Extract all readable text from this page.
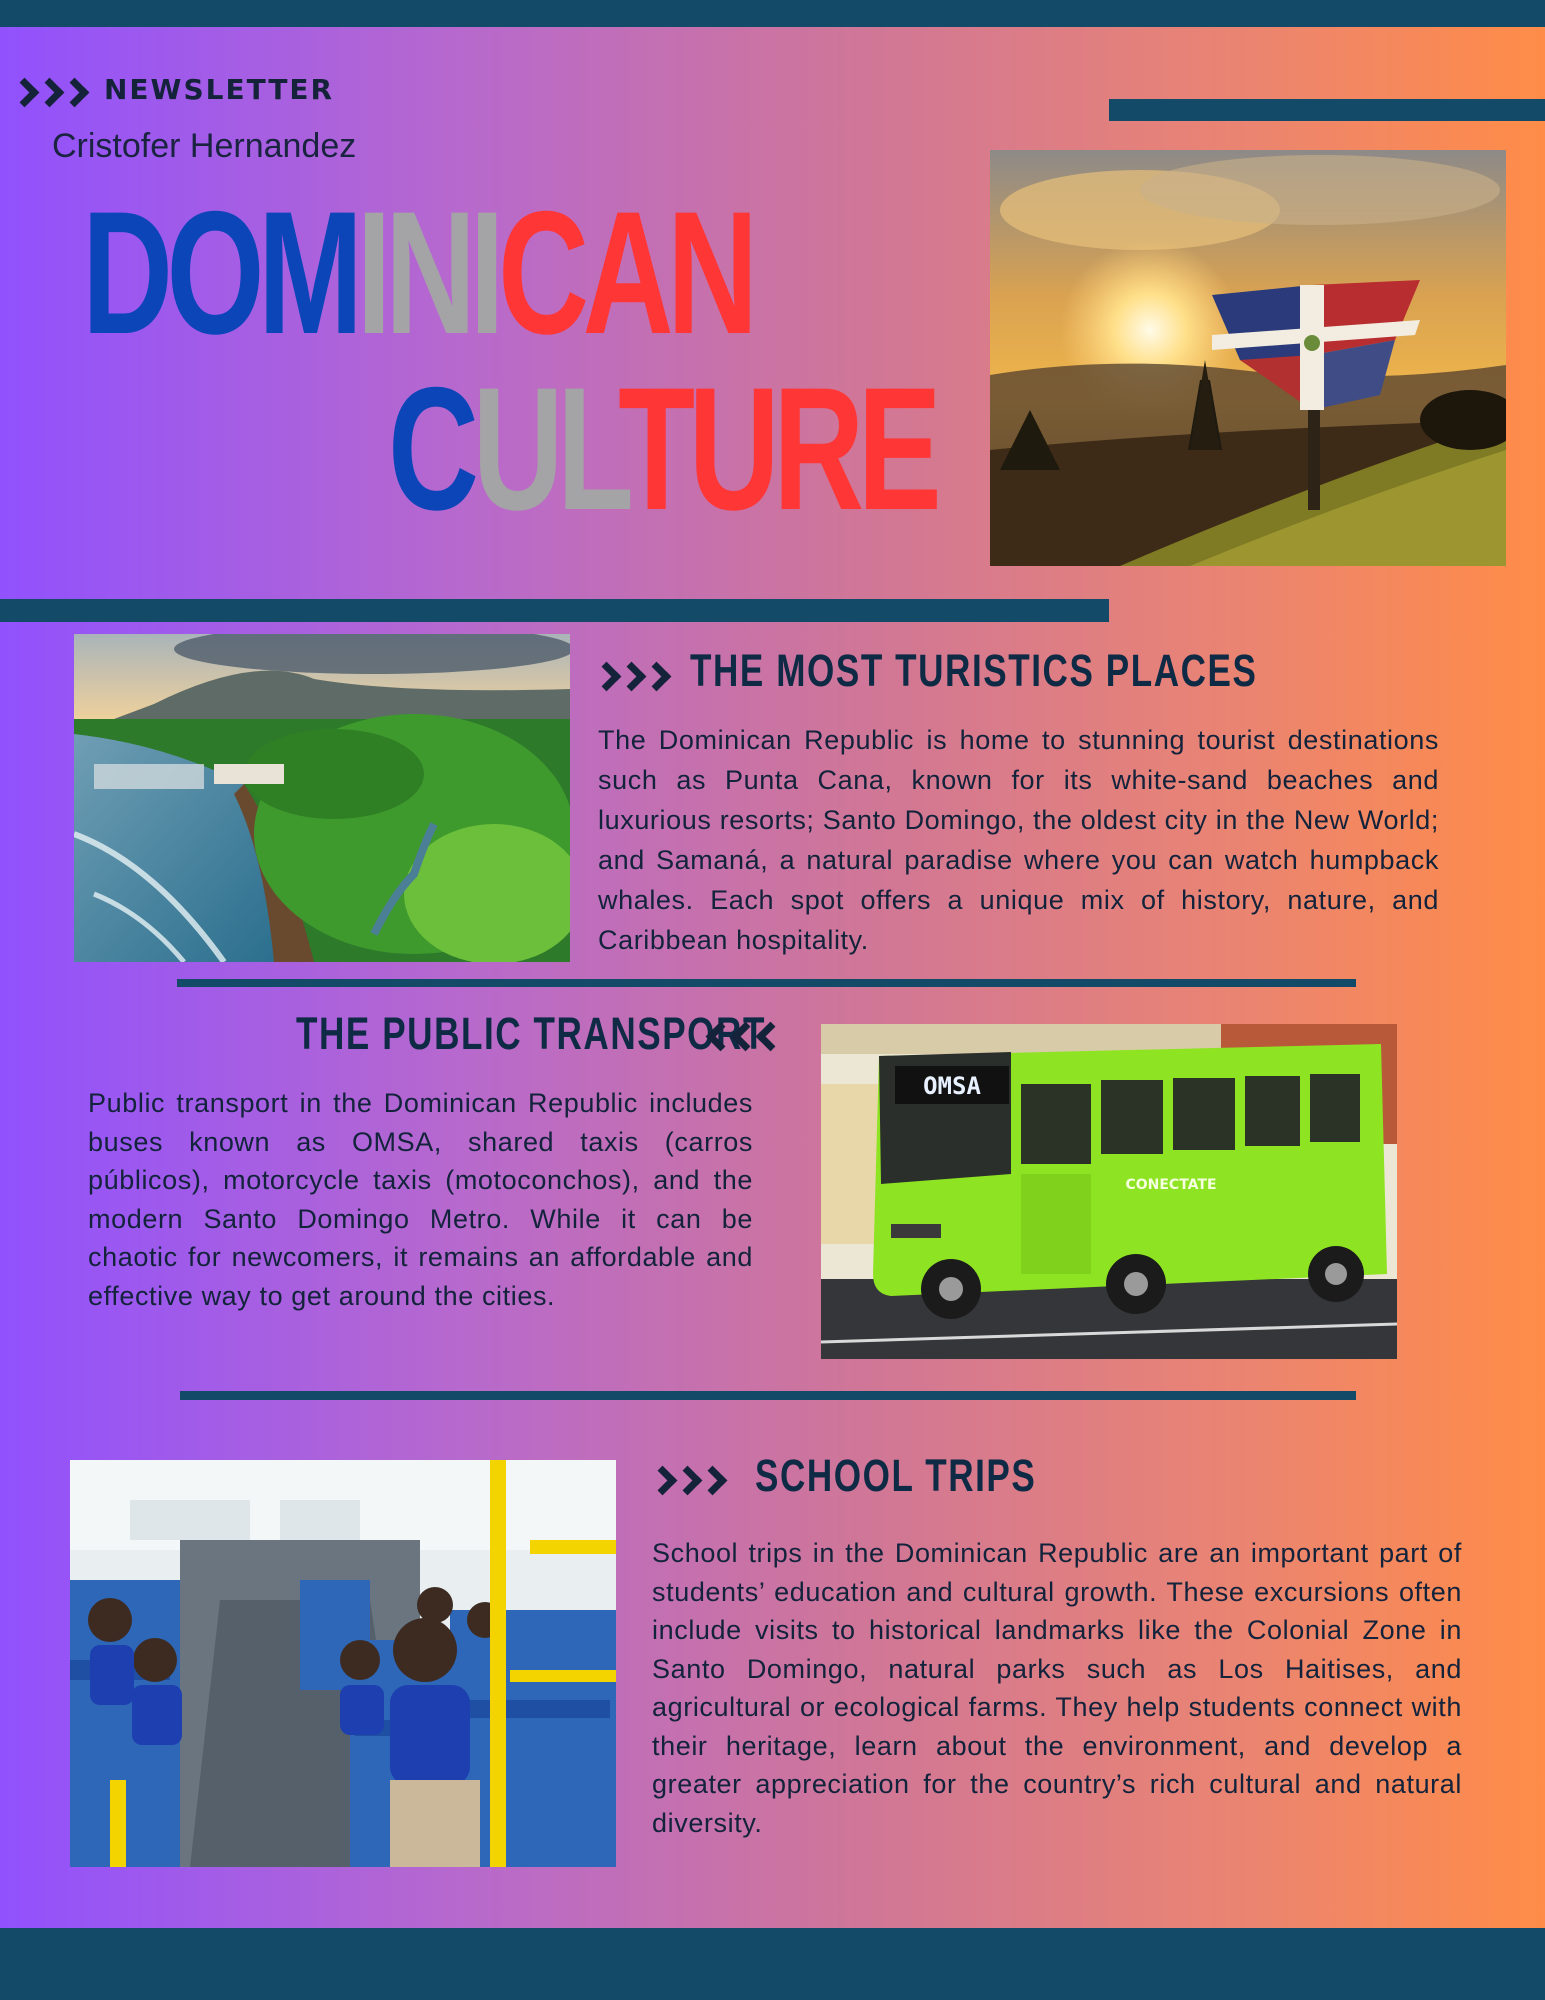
NEWSLETTER
Cristofer Hernandez
DOMINICAN
CULTURE
THE MOST TURISTICS PLACES
The Dominican Republic is home to stunning tourist destinations such as Punta Cana, known for its white-sand beaches and luxurious resorts; Santo Domingo, the oldest city in the New World; and Samaná, a natural paradise where you can watch humpback whales. Each spot offers a unique mix of history, nature, and Caribbean hospitality.
THE PUBLIC TRANSPORT
Public transport in the Dominican Republic includes buses known as OMSA, shared taxis (carros públicos), motorcycle taxis (motoconchos), and the modern Santo Domingo Metro. While it can be chaotic for newcomers, it remains an affordable and effective way to get around the cities.
OMSA
CONECTATE
SCHOOL TRIPS
School trips in the Dominican Republic are an important part of students’ education and cultural growth. These excursions often include visits to historical landmarks like the Colonial Zone in Santo Domingo, natural parks such as Los Haitises, and agricultural or ecological farms. They help students connect with their heritage, learn about the environment, and develop a greater appreciation for the country’s rich cultural and natural diversity.
